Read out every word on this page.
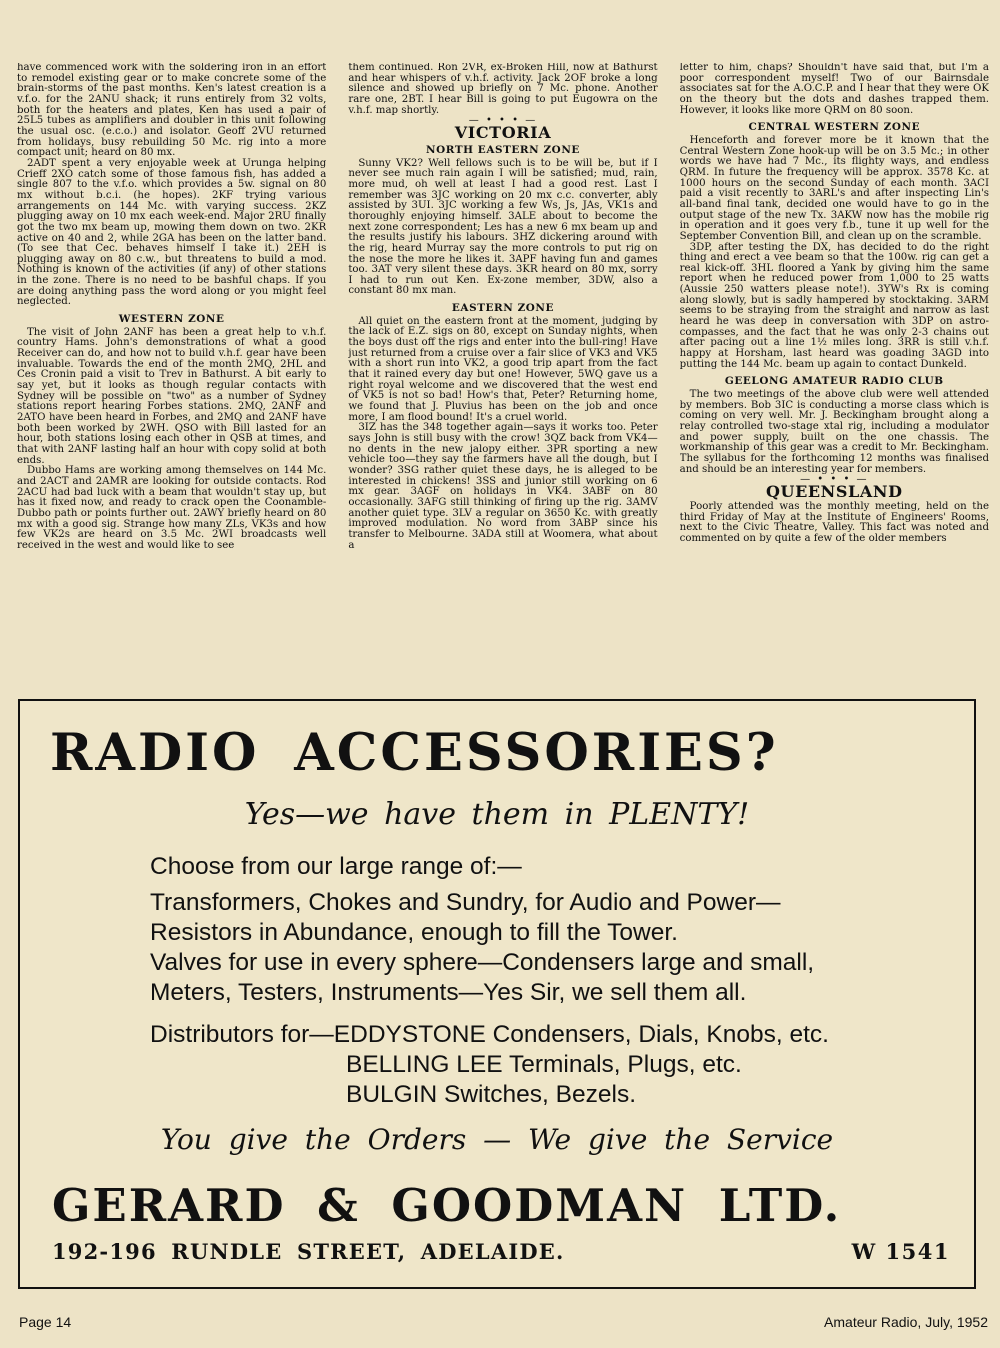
have commenced work with the soldering iron in an effort to remodel existing gear or to make concrete some of the brain-storms of the past months. Ken's latest creation is a v.f.o. for the 2ANU shack; it runs entirely from 32 volts, both for the heaters and plates, Ken has used a pair of 25L5 tubes as amplifiers and doubler in this unit following the usual osc. (e.c.o.) and isolator. Geoff 2VU returned from holidays, busy rebuilding 50 Mc. rig into a more compact unit; heard on 80 mx.

2ADT spent a very enjoyable week at Urunga helping Crieff 2XO catch some of those famous fish, has added a single 807 to the v.f.o. which provides a 5w. signal on 80 mx without b.c.i. (he hopes). 2KF trying various arrangements on 144 Mc. with varying success. 2KZ plugging away on 10 mx each week-end. Major 2RU finally got the two mx beam up, mowing them down on two. 2KR active on 40 and 2, while 2GA has been on the latter band. (To see that Cec. behaves himself I take it.) 2EH is plugging away on 80 c.w., but threatens to build a mod. Nothing is known of the activities (if any) of other stations in the zone. There is no need to be bashful chaps. If you are doing anything pass the word along or you might feel neglected.

WESTERN ZONE

The visit of John 2ANF has been a great help to v.h.f. country Hams. John's demonstrations of what a good Receiver can do, and how not to build v.h.f. gear have been invaluable. Towards the end of the month 2MQ, 2HL and Ces Cronin paid a visit to Trev in Bathurst. A bit early to say yet, but it looks as though regular contacts with Sydney will be possible on "two" as a number of Sydney stations report hearing Forbes stations. 2MQ, 2ANF and 2ATO have been heard in Forbes, and 2MQ and 2ANF have both been worked by 2WH. QSO with Bill lasted for an hour, both stations losing each other in QSB at times, and that with 2ANF lasting half an hour with copy solid at both ends.

Dubbo Hams are working among themselves on 144 Mc. and 2ACT and 2AMR are looking for outside contacts. Rod 2ACU had bad luck with a beam that wouldn't stay up, but has it fixed now, and ready to crack open the Coonamble-Dubbo path or points further out. 2AWY briefly heard on 80 mx with a good sig. Strange how many ZLs, VK3s and how few VK2s are heard on 3.5 Mc. 2WI broadcasts well received in the west and would like to see

them continued. Ron 2VR, ex-Broken Hill, now at Bathurst and hear whispers of v.h.f. activity. Jack 2OF broke a long silence and showed up briefly on 7 Mc. phone. Another rare one, 2BT. I hear Bill is going to put Eugowra on the v.h.f. map shortly.

— • • • —
VICTORIA
NORTH EASTERN ZONE

Sunny VK2? Well fellows such is to be will be, but if I never see much rain again I will be satisfied; mud, rain, more mud, oh well at least I had a good rest. Last I remember was 3JC working on 20 mx c.c. converter, ably assisted by 3UI. 3JC working a few Ws, Js, JAs, VK1s and thoroughly enjoying himself. 3ALE about to become the next zone correspondent; Les has a new 6 mx beam up and the results justify his labours. 3HZ dickering around with the rig, heard Murray say the more controls to put rig on the nose the more he likes it. 3APF having fun and games too. 3AT very silent these days. 3KR heard on 80 mx, sorry I had to run out Ken. Ex-zone member, 3DW, also a constant 80 mx man.

EASTERN ZONE

All quiet on the eastern front at the moment, judging by the lack of E.Z. sigs on 80, except on Sunday nights, when the boys dust off the rigs and enter into the bull-ring! Have just returned from a cruise over a fair slice of VK3 and VK5 with a short run into VK2, a good trip apart from the fact that it rained every day but one! However, 5WQ gave us a right royal welcome and we discovered that the west end of VK5 is not so bad! How's that, Peter? Returning home, we found that J. Pluvius has been on the job and once more, I am flood bound! It's a cruel world.

3IZ has the 348 together again—says it works too. Peter says John is still busy with the crow! 3QZ back from VK4—no dents in the new jalopy either. 3PR sporting a new vehicle too—they say the farmers have all the dough, but I wonder? 3SG rather quiet these days, he is alleged to be interested in chickens! 3SS and junior still working on 6 mx gear. 3AGF on holidays in VK4. 3ABF on 80 occasionally. 3AFG still thinking of firing up the rig. 3AMV another quiet type. 3LV a regular on 3650 Kc. with greatly improved modulation. No word from 3ABP since his transfer to Melbourne. 3ADA still at Woomera, what about a

letter to him, chaps? Shouldn't have said that, but I'm a poor correspondent myself! Two of our Bairnsdale associates sat for the A.O.C.P. and I hear that they were OK on the theory but the dots and dashes trapped them. However, it looks like more QRM on 80 soon.

CENTRAL WESTERN ZONE

Henceforth and forever more be it known that the Central Western Zone hook-up will be on 3.5 Mc.; in other words we have had 7 Mc., its flighty ways, and endless QRM. In future the frequency will be approx. 3578 Kc. at 1000 hours on the second Sunday of each month. 3ACI paid a visit recently to 3ARL's and after inspecting Lin's all-band final tank, decided one would have to go in the output stage of the new Tx. 3AKW now has the mobile rig in operation and it goes very f.b., tune it up well for the September Convention Bill, and clean up on the scramble.

3DP, after testing the DX, has decided to do the right thing and erect a vee beam so that the 100w. rig can get a real kick-off. 3HL floored a Yank by giving him the same report when he reduced power from 1,000 to 25 watts (Aussie 250 watters please note!). 3YW's Rx is coming along slowly, but is sadly hampered by stocktaking. 3ARM seems to be straying from the straight and narrow as last heard he was deep in conversation with 3DP on astro-compasses, and the fact that he was only 2-3 chains out after pacing out a line 1½ miles long. 3RR is still v.h.f. happy at Horsham, last heard was goading 3AGD into putting the 144 Mc. beam up again to contact Dunkeld.

GEELONG AMATEUR RADIO CLUB

The two meetings of the above club were well attended by members. Bob 3IC is conducting a morse class which is coming on very well. Mr. J. Beckingham brought along a relay controlled two-stage xtal rig, including a modulator and power supply, built on the one chassis. The workmanship of this gear was a credit to Mr. Beckingham. The syllabus for the forthcoming 12 months was finalised and should be an interesting year for members.

— • • • —
QUEENSLAND

Poorly attended was the monthly meeting, held on the third Friday of May at the Institute of Engineers' Rooms, next to the Civic Theatre, Valley. This fact was noted and commented on by quite a few of the older members

RADIO ACCESSORIES?
Yes—we have them in PLENTY!
Choose from our large range of:—
Transformers, Chokes and Sundry, for Audio and Power—
Resistors in Abundance, enough to fill the Tower.
Valves for use in every sphere—Condensers large and small,
Meters, Testers, Instruments—Yes Sir, we sell them all.
Distributors for—EDDYSTONE Condensers, Dials, Knobs, etc.
BELLING LEE Terminals, Plugs, etc.
BULGIN Switches, Bezels.
You give the Orders — We give the Service
GERARD & GOODMAN LTD.
192-196 RUNDLE STREET, ADELAIDE.	W 1541
Page 14	Amateur Radio, July, 1952
